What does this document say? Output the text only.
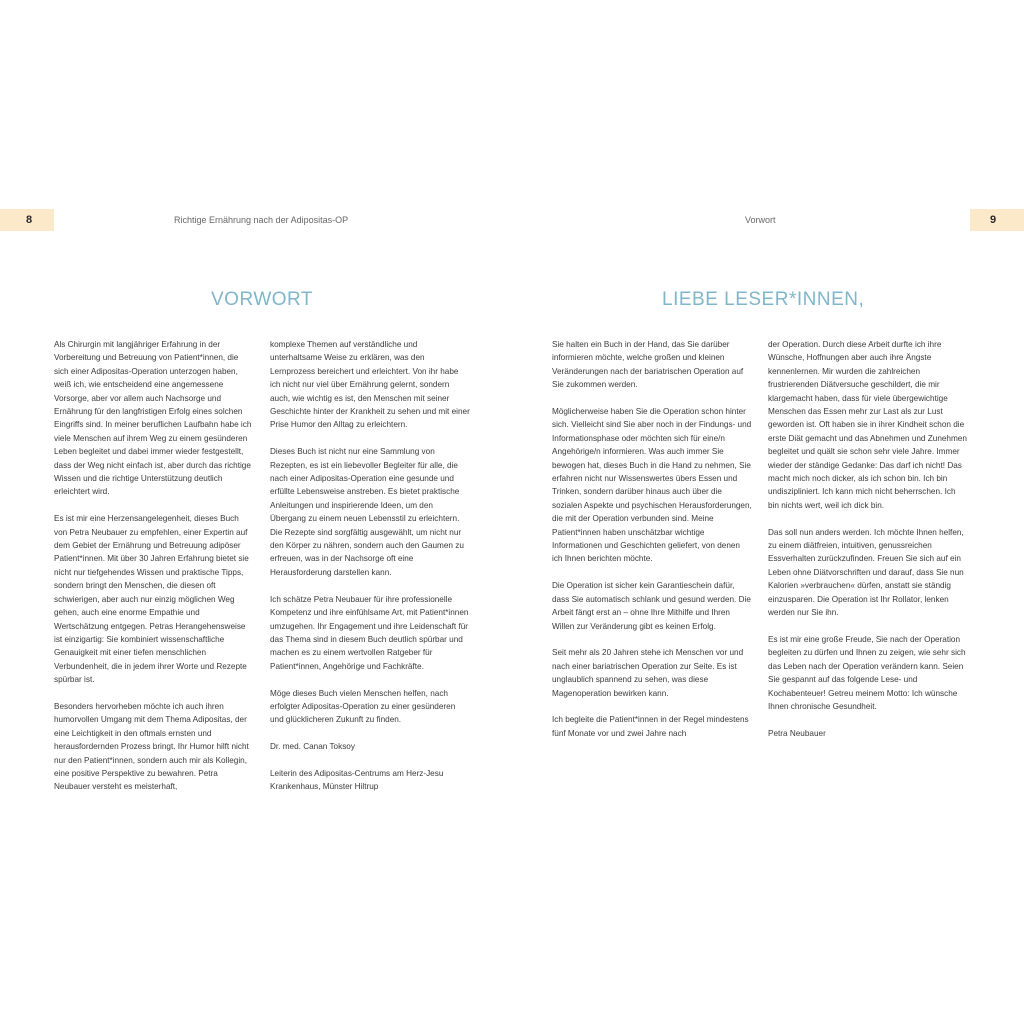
8	Richtige Ernährung nach der Adipositas-OP	Vorwort	9
VORWORT	LIEBE LESER*INNEN,

Als Chirurgin mit langjähriger Erfahrung in der Vorbereitung und Betreuung von Patient*innen, die sich einer Adipositas-Operation unterzogen haben, weiß ich, wie entscheidend eine angemessene Vorsorge, aber vor allem auch Nachsorge und Ernährung für den langfristigen Erfolg eines solchen Eingriffs sind. In meiner beruflichen Laufbahn habe ich viele Menschen auf ihrem Weg zu einem gesünderen Leben begleitet und dabei immer wieder festgestellt, dass der Weg nicht einfach ist, aber durch das richtige Wissen und die richtige Unterstützung deutlich erleichtert wird.

Es ist mir eine Herzensangelegenheit, dieses Buch von Petra Neubauer zu empfehlen, einer Expertin auf dem Gebiet der Ernährung und Betreuung adipöser Patient*innen. Mit über 30 Jahren Erfahrung bietet sie nicht nur tiefgehendes Wissen und praktische Tipps, sondern bringt den Menschen, die diesen oft schwierigen, aber auch nur einzig möglichen Weg gehen, auch eine enorme Empathie und Wertschätzung entgegen. Petras Herangehensweise ist einzigartig: Sie kombiniert wissenschaftliche Genauigkeit mit einer tiefen menschlichen Verbundenheit, die in jedem ihrer Worte und Rezepte spürbar ist.

Besonders hervorheben möchte ich auch ihren humorvollen Umgang mit dem Thema Adipositas, der eine Leichtigkeit in den oftmals ernsten und herausfordernden Prozess bringt. Ihr Humor hilft nicht nur den Patient*innen, sondern auch mir als Kollegin, eine positive Perspektive zu bewahren. Petra Neubauer versteht es meisterhaft,

komplexe Themen auf verständliche und unterhaltsame Weise zu erklären, was den Lernprozess bereichert und erleichtert. Von ihr habe ich nicht nur viel über Ernährung gelernt, sondern auch, wie wichtig es ist, den Menschen mit seiner Geschichte hinter der Krankheit zu sehen und mit einer Prise Humor den Alltag zu erleichtern.

Dieses Buch ist nicht nur eine Sammlung von Rezepten, es ist ein liebevoller Begleiter für alle, die nach einer Adipositas-Operation eine gesunde und erfüllte Lebensweise anstreben. Es bietet praktische Anleitungen und inspirierende Ideen, um den Übergang zu einem neuen Lebensstil zu erleichtern. Die Rezepte sind sorgfältig ausgewählt, um nicht nur den Körper zu nähren, sondern auch den Gaumen zu erfreuen, was in der Nachsorge oft eine Herausforderung darstellen kann.

Ich schätze Petra Neubauer für ihre professionelle Kompetenz und ihre einfühlsame Art, mit Patient*innen umzugehen. Ihr Engagement und ihre Leidenschaft für das Thema sind in diesem Buch deutlich spürbar und machen es zu einem wertvollen Ratgeber für Patient*innen, Angehörige und Fachkräfte.

Möge dieses Buch vielen Menschen helfen, nach erfolgter Adipositas-Operation zu einer gesünderen und glücklicheren Zukunft zu finden.

Dr. med. Canan Toksoy

Leiterin des Adipositas-Centrums am Herz-Jesu Krankenhaus, Münster Hiltrup

Sie halten ein Buch in der Hand, das Sie darüber informieren möchte, welche großen und kleinen Veränderungen nach der bariatrischen Operation auf Sie zukommen werden.

Möglicherweise haben Sie die Operation schon hinter sich. Vielleicht sind Sie aber noch in der Findungs- und Informationsphase oder möchten sich für eine/n Angehörige/n informieren. Was auch immer Sie bewogen hat, dieses Buch in die Hand zu nehmen, Sie erfahren nicht nur Wissenswertes übers Essen und Trinken, sondern darüber hinaus auch über die sozialen Aspekte und psychischen Herausforderungen, die mit der Operation verbunden sind. Meine Patient*innen haben unschätzbar wichtige Informationen und Geschichten geliefert, von denen ich Ihnen berichten möchte.

Die Operation ist sicher kein Garantieschein dafür, dass Sie automatisch schlank und gesund werden. Die Arbeit fängt erst an – ohne Ihre Mithilfe und Ihren Willen zur Veränderung gibt es keinen Erfolg.

Seit mehr als 20 Jahren stehe ich Menschen vor und nach einer bariatrischen Operation zur Seite. Es ist unglaublich spannend zu sehen, was diese Magenoperation bewirken kann.

Ich begleite die Patient*innen in der Regel mindestens fünf Monate vor und zwei Jahre nach

der Operation. Durch diese Arbeit durfte ich ihre Wünsche, Hoffnungen aber auch ihre Ängste kennenlernen. Mir wurden die zahlreichen frustrierenden Diätversuche geschildert, die mir klargemacht haben, dass für viele übergewichtige Menschen das Essen mehr zur Last als zur Lust geworden ist. Oft haben sie in ihrer Kindheit schon die erste Diät gemacht und das Abnehmen und Zunehmen begleitet und quält sie schon sehr viele Jahre. Immer wieder der ständige Gedanke: Das darf ich nicht! Das macht mich noch dicker, als ich schon bin. Ich bin undiszipliniert. Ich kann mich nicht beherrschen. Ich bin nichts wert, weil ich dick bin.

Das soll nun anders werden. Ich möchte Ihnen helfen, zu einem diätfreien, intuitiven, genussreichen Essverhalten zurückzufinden. Freuen Sie sich auf ein Leben ohne Diätvorschriften und darauf, dass Sie nun Kalorien »verbrauchen« dürfen, anstatt sie ständig einzusparen. Die Operation ist Ihr Rollator, lenken werden nur Sie ihn.

Es ist mir eine große Freude, Sie nach der Operation begleiten zu dürfen und Ihnen zu zeigen, wie sehr sich das Leben nach der Operation verändern kann. Seien Sie gespannt auf das folgende Lese- und Kochabenteuer! Getreu meinem Motto: Ich wünsche Ihnen chronische Gesundheit.

Petra Neubauer
